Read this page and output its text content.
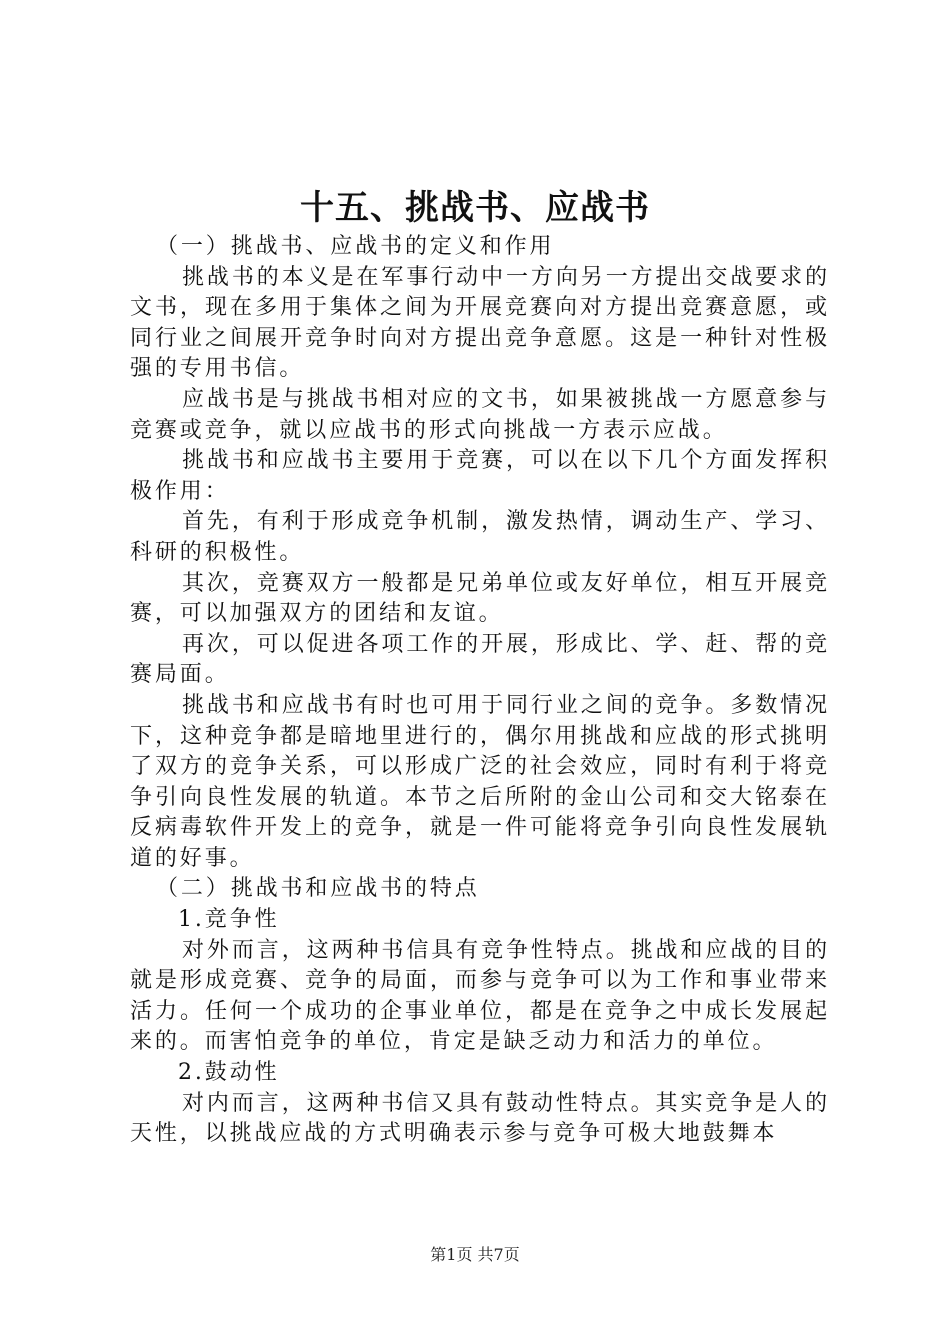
十五、挑战书、应战书

（一）挑战书、应战书的定义和作用

挑战书的本义是在军事行动中一方向另一方提出交战要求的文书，现在多用于集体之间为开展竞赛向对方提出竞赛意愿，或同行业之间展开竞争时向对方提出竞争意愿。这是一种针对性极强的专用书信。

应战书是与挑战书相对应的文书，如果被挑战一方愿意参与竞赛或竞争，就以应战书的形式向挑战一方表示应战。

挑战书和应战书主要用于竞赛，可以在以下几个方面发挥积极作用：

首先，有利于形成竞争机制，激发热情，调动生产、学习、科研的积极性。

其次，竞赛双方一般都是兄弟单位或友好单位，相互开展竞赛，可以加强双方的团结和友谊。

再次，可以促进各项工作的开展，形成比、学、赶、帮的竞赛局面。

挑战书和应战书有时也可用于同行业之间的竞争。多数情况下，这种竞争都是暗地里进行的，偶尔用挑战和应战的形式挑明了双方的竞争关系，可以形成广泛的社会效应，同时有利于将竞争引向良性发展的轨道。本节之后所附的金山公司和交大铭泰在反病毒软件开发上的竞争，就是一件可能将竞争引向良性发展轨道的好事。

（二）挑战书和应战书的特点

1.竞争性

对外而言，这两种书信具有竞争性特点。挑战和应战的目的就是形成竞赛、竞争的局面，而参与竞争可以为工作和事业带来活力。任何一个成功的企事业单位，都是在竞争之中成长发展起来的。而害怕竞争的单位，肯定是缺乏动力和活力的单位。

2.鼓动性

对内而言，这两种书信又具有鼓动性特点。其实竞争是人的天性，以挑战应战的方式明确表示参与竞争可极大地鼓舞本

第1页 共7页
